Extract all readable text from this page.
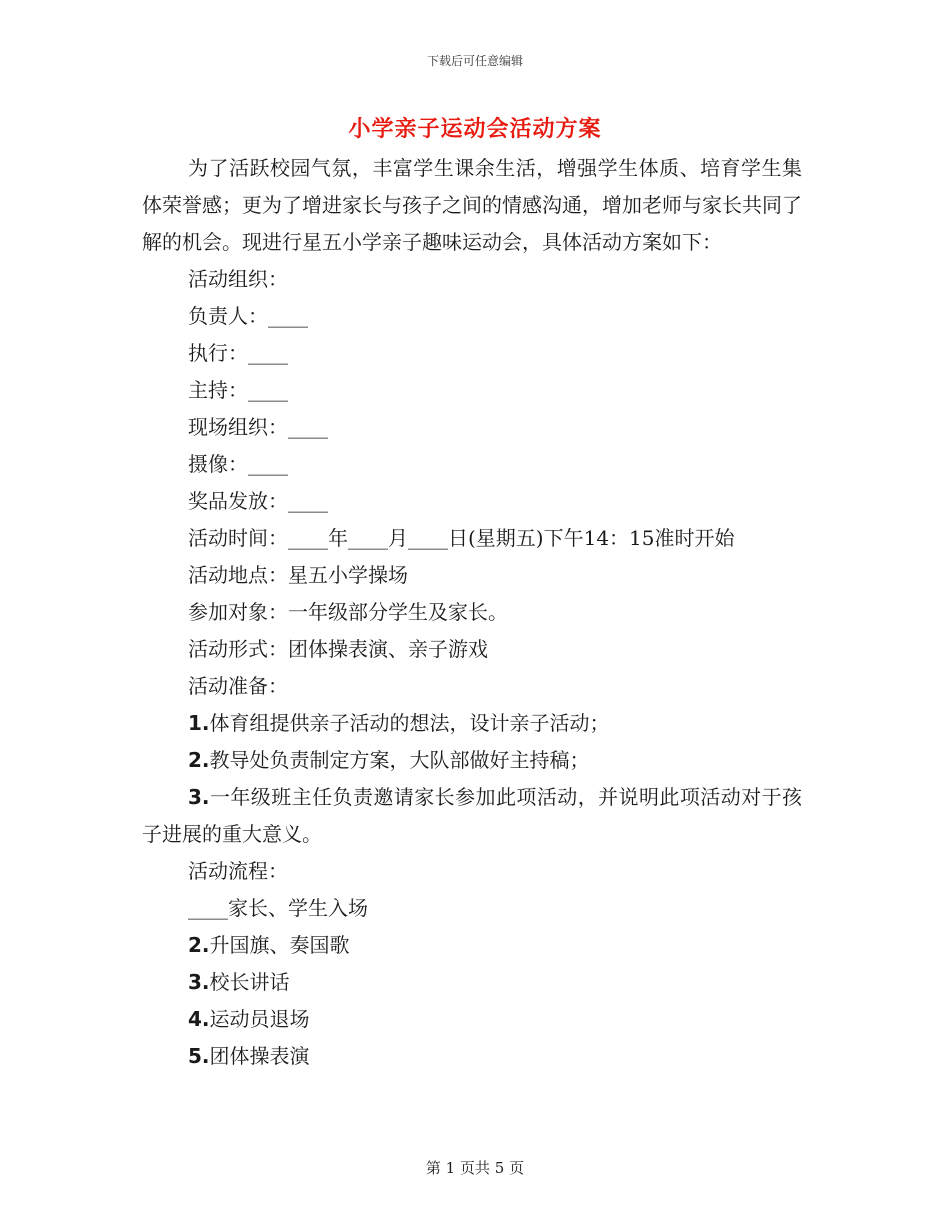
下载后可任意编辑
小学亲子运动会活动方案

为了活跃校园气氛，丰富学生课余生活，增强学生体质、培育学生集体荣誉感；更为了增进家长与孩子之间的情感沟通，增加老师与家长共同了解的机会。现进行星五小学亲子趣味运动会，具体活动方案如下：

活动组织：

负责人：____

执行：____

主持：____

现场组织：____

摄像：____

奖品发放：____

活动时间：____年____月____日(星期五)下午14：15准时开始

活动地点：星五小学操场

参加对象：一年级部分学生及家长。

活动形式：团体操表演、亲子游戏

活动准备：

1.体育组提供亲子活动的想法，设计亲子活动；

2.教导处负责制定方案，大队部做好主持稿；

3.一年级班主任负责邀请家长参加此项活动，并说明此项活动对于孩子进展的重大意义。

活动流程：

____家长、学生入场

2.升国旗、奏国歌

3.校长讲话

4.运动员退场

5.团体操表演

第 1 页共 5 页
